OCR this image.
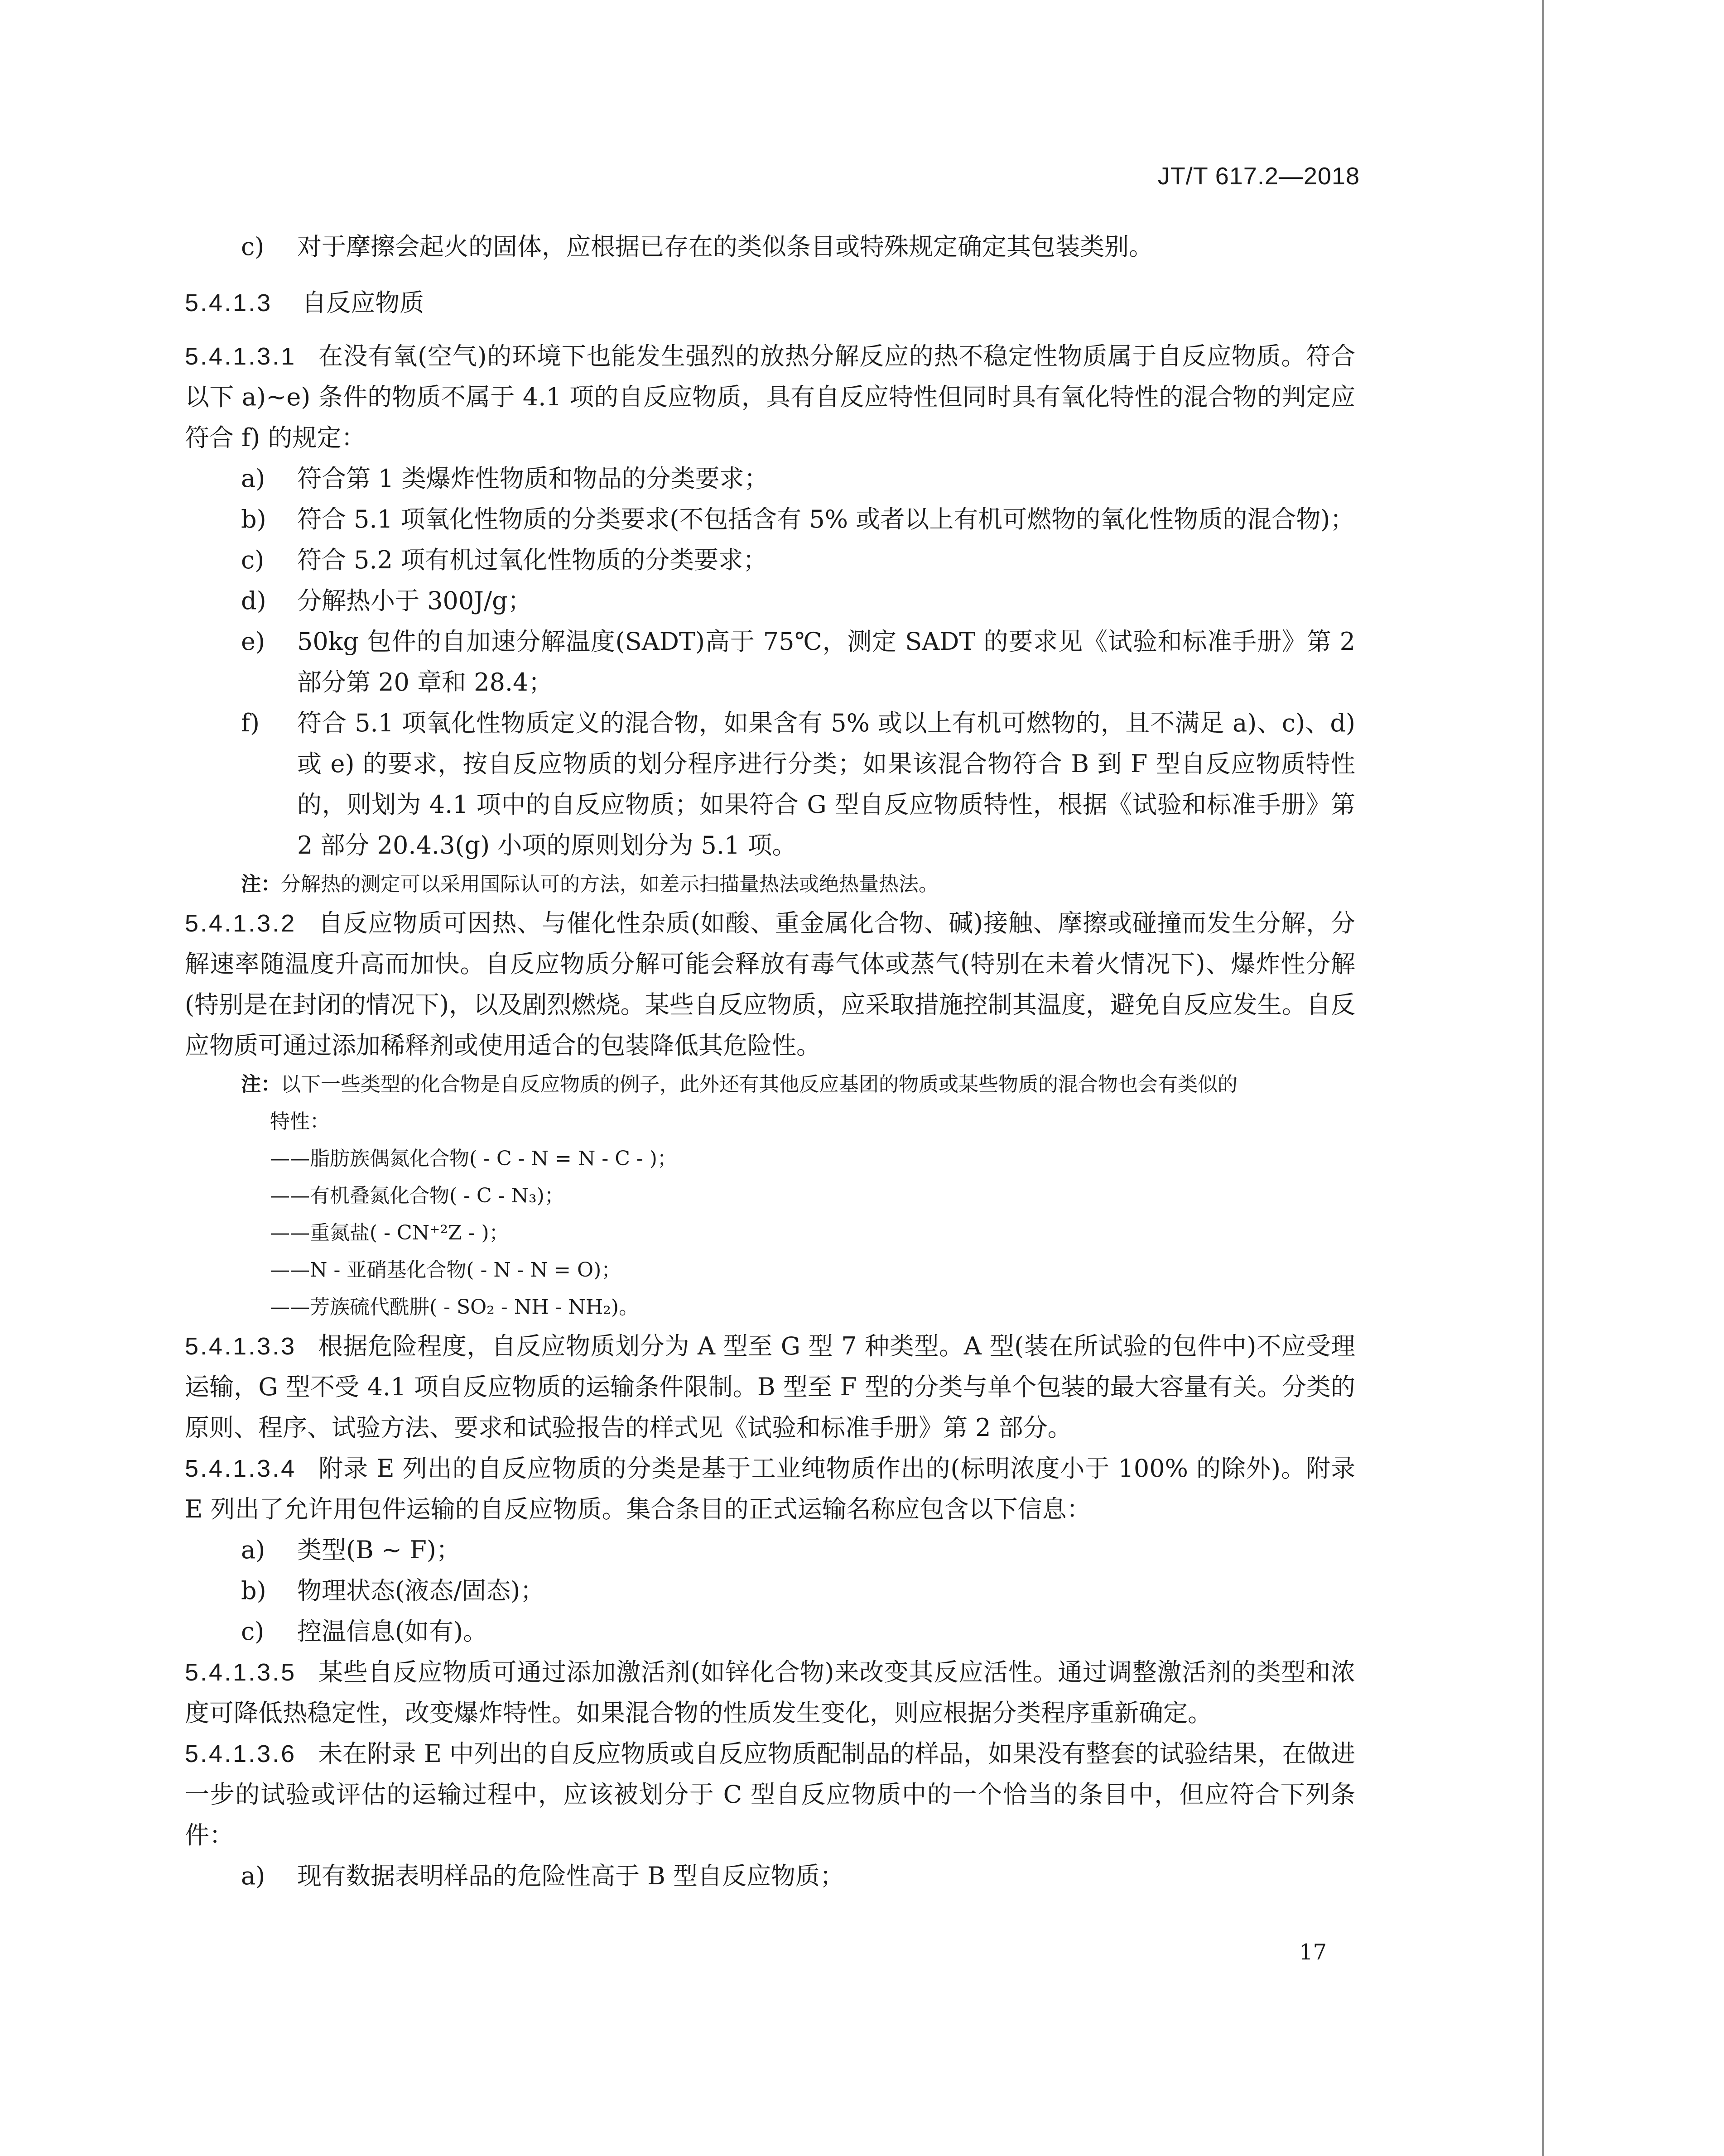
JT/T 617.2—2018

c) 对于摩擦会起火的固体，应根据已存在的类似条目或特殊规定确定其包装类别。

5.4.1.3 自反应物质

5.4.1.3.1 在没有氧(空气)的环境下也能发生强烈的放热分解反应的热不稳定性物质属于自反应物质。符合以下 a)~e) 条件的物质不属于 4.1 项的自反应物质，具有自反应特性但同时具有氧化特性的混合物的判定应符合 f) 的规定：

a) 符合第 1 类爆炸性物质和物品的分类要求；

b) 符合 5.1 项氧化性物质的分类要求(不包括含有 5% 或者以上有机可燃物的氧化性物质的混合物)；

c) 符合 5.2 项有机过氧化性物质的分类要求；

d) 分解热小于 300J/g；

e) 50kg 包件的自加速分解温度(SADT)高于 75℃，测定 SADT 的要求见《试验和标准手册》第 2 部分第 20 章和 28.4；

f) 符合 5.1 项氧化性物质定义的混合物，如果含有 5% 或以上有机可燃物的，且不满足 a)、c)、d) 或 e) 的要求，按自反应物质的划分程序进行分类；如果该混合物符合 B 到 F 型自反应物质特性的，则划为 4.1 项中的自反应物质；如果符合 G 型自反应物质特性，根据《试验和标准手册》第 2 部分 20.4.3(g) 小项的原则划分为 5.1 项。

注：分解热的测定可以采用国际认可的方法，如差示扫描量热法或绝热量热法。

5.4.1.3.2 自反应物质可因热、与催化性杂质(如酸、重金属化合物、碱)接触、摩擦或碰撞而发生分解，分解速率随温度升高而加快。自反应物质分解可能会释放有毒气体或蒸气(特别在未着火情况下)、爆炸性分解(特别是在封闭的情况下)，以及剧烈燃烧。某些自反应物质，应采取措施控制其温度，避免自反应发生。自反应物质可通过添加稀释剂或使用适合的包装降低其危险性。

注：以下一些类型的化合物是自反应物质的例子，此外还有其他反应基团的物质或某些物质的混合物也会有类似的

特性：

——脂肪族偶氮化合物( - C - N = N - C - )；

——有机叠氮化合物( - C - N₃)；

——重氮盐( - CN⁺²Z - )；

——N - 亚硝基化合物( - N - N = O)；

——芳族硫代酰肼( - SO₂ - NH - NH₂)。

5.4.1.3.3 根据危险程度，自反应物质划分为 A 型至 G 型 7 种类型。A 型(装在所试验的包件中)不应受理运输，G 型不受 4.1 项自反应物质的运输条件限制。B 型至 F 型的分类与单个包装的最大容量有关。分类的原则、程序、试验方法、要求和试验报告的样式见《试验和标准手册》第 2 部分。

5.4.1.3.4 附录 E 列出的自反应物质的分类是基于工业纯物质作出的(标明浓度小于 100% 的除外)。附录 E 列出了允许用包件运输的自反应物质。集合条目的正式运输名称应包含以下信息：

a) 类型(B ~ F)；

b) 物理状态(液态/固态)；

c) 控温信息(如有)。

5.4.1.3.5 某些自反应物质可通过添加激活剂(如锌化合物)来改变其反应活性。通过调整激活剂的类型和浓度可降低热稳定性，改变爆炸特性。如果混合物的性质发生变化，则应根据分类程序重新确定。

5.4.1.3.6 未在附录 E 中列出的自反应物质或自反应物质配制品的样品，如果没有整套的试验结果，在做进一步的试验或评估的运输过程中，应该被划分于 C 型自反应物质中的一个恰当的条目中，但应符合下列条件：

a) 现有数据表明样品的危险性高于 B 型自反应物质；

17
